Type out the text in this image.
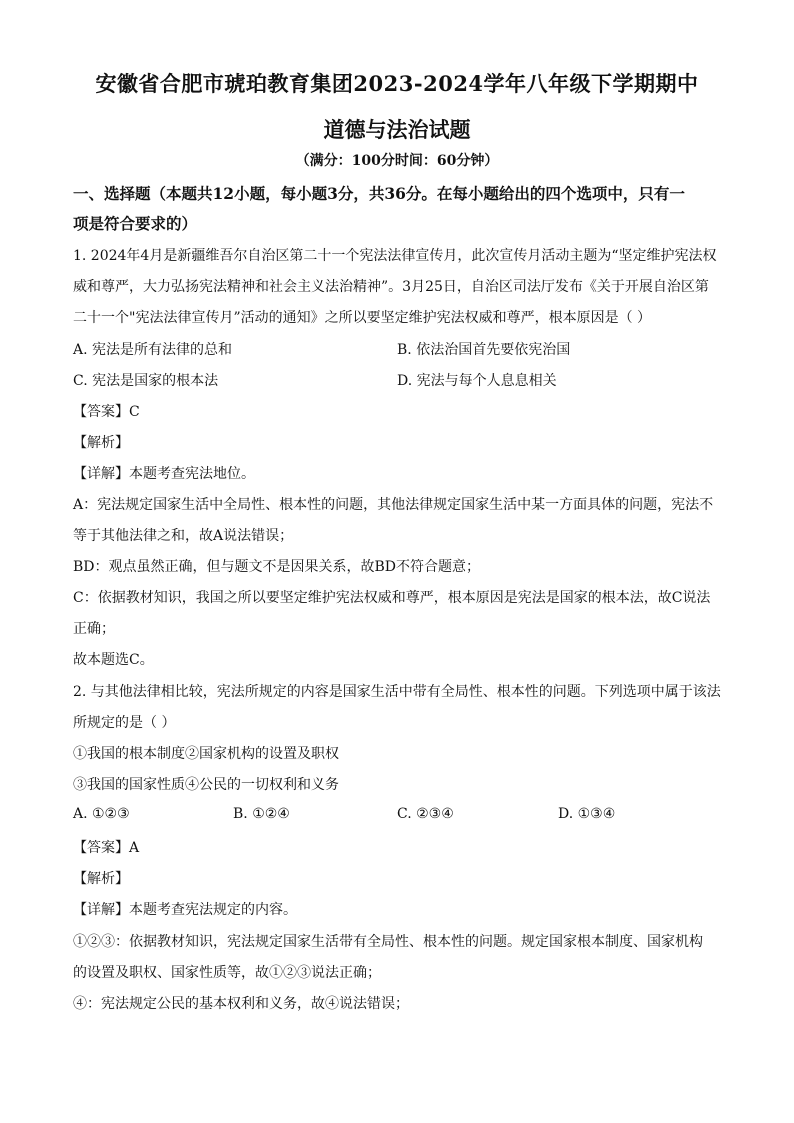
安徽省合肥市琥珀教育集团2023-2024学年八年级下学期期中
道德与法治试题
（满分：100分时间：60分钟）
一、选择题（本题共12小题，每小题3分，共36分。在每小题给出的四个选项中，只有一
项是符合要求的）
1. 2024年4月是新疆维吾尔自治区第二十一个宪法法律宣传月，此次宣传月活动主题为“坚定维护宪法权
威和尊严，大力弘扬宪法精神和社会主义法治精神”。3月25日，自治区司法厅发布《关于开展自治区第
二十一个"宪法法律宣传月”活动的通知》之所以要坚定维护宪法权威和尊严，根本原因是（ ）
A. 宪法是所有法律的总和	B. 依法治国首先要依宪治国
C. 宪法是国家的根本法	D. 宪法与每个人息息相关
【答案】C
【解析】
【详解】本题考查宪法地位。
A：宪法规定国家生活中全局性、根本性的问题，其他法律规定国家生活中某一方面具体的问题，宪法不
等于其他法律之和，故A说法错误；
BD：观点虽然正确，但与题文不是因果关系，故BD不符合题意；
C：依据教材知识，我国之所以要坚定维护宪法权威和尊严，根本原因是宪法是国家的根本法，故C说法
正确；
故本题选C。
2. 与其他法律相比较，宪法所规定的内容是国家生活中带有全局性、根本性的问题。下列选项中属于该法
所规定的是（ ）
①我国的根本制度②国家机构的设置及职权
③我国的国家性质④公民的一切权利和义务
A. ①②③	B. ①②④	C. ②③④	D. ①③④
【答案】A
【解析】
【详解】本题考查宪法规定的内容。
①②③：依据教材知识，宪法规定国家生活带有全局性、根本性的问题。规定国家根本制度、国家机构
的设置及职权、国家性质等，故①②③说法正确；
④：宪法规定公民的基本权利和义务，故④说法错误；
